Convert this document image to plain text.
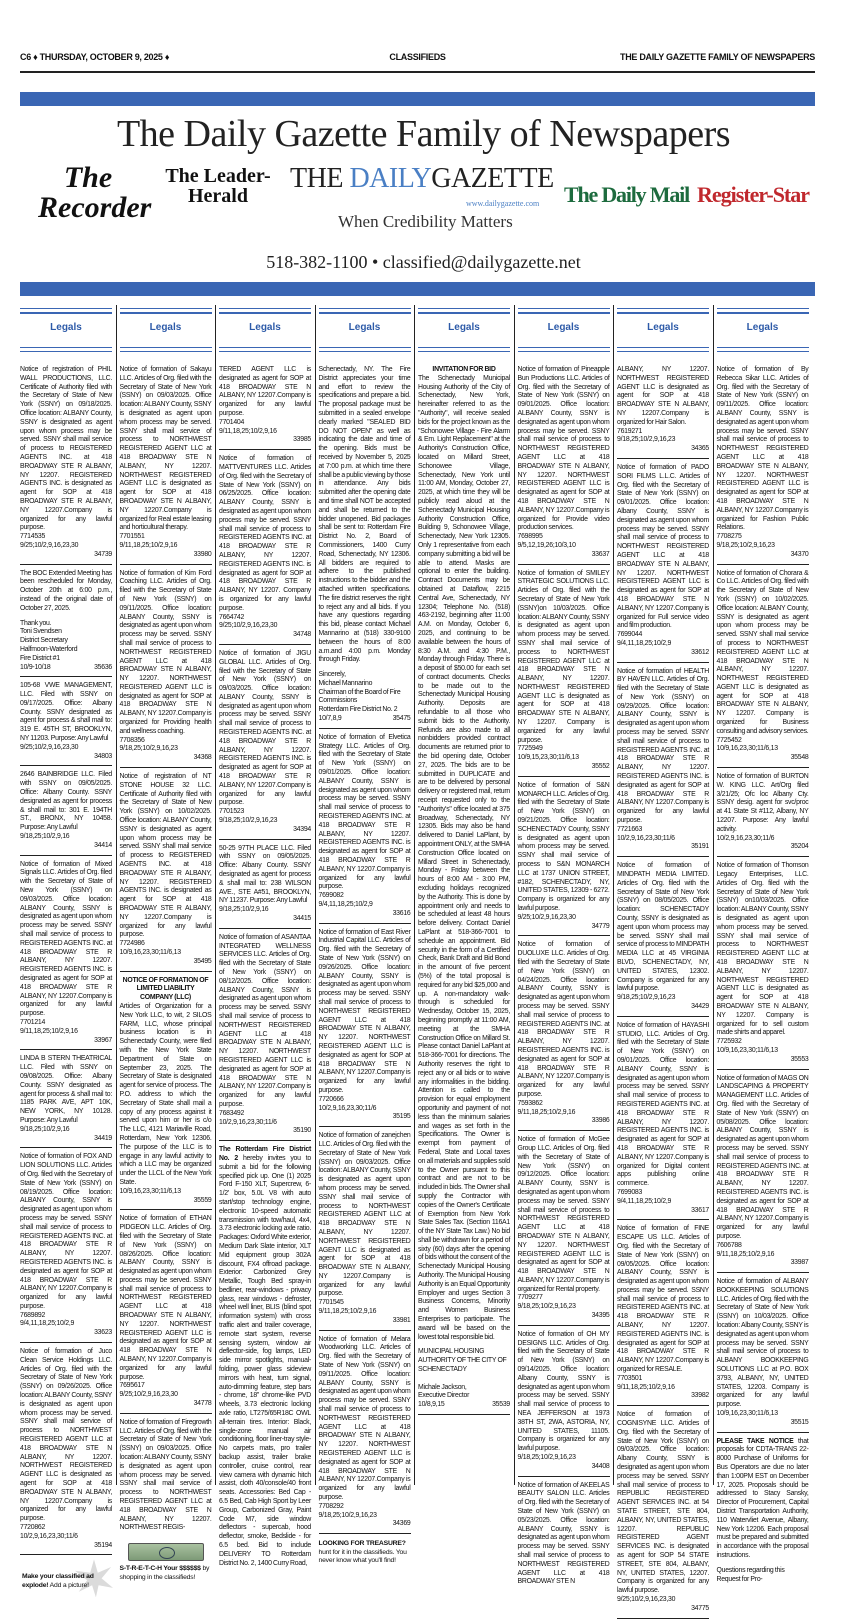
C6 ♦ THURSDAY, OCTOBER 9, 2025 ♦	CLASSIFIEDS	THE DAILY GAZETTE FAMILY OF NEWSPAPERS
The Daily Gazette Family of Newspapers
The Recorder
The Leader-Herald
THE DAILYGAZETTE
www.dailygazette.com
When Credibility Matters
The Daily Mail Register-Star
518-382-1100 • classified@dailygazette.net
Legals
Notice of registration of PHIL WALL PRODUCTIONS, LLC. Certificate of Authority filed with the Secretary of State of New York (SSNY) on 09/18/2025. Office location: ALBANY County, SSNY is designated as agent upon whom process may be served. SSNY shall mail service of process to REGISTERED AGENTS INC. at 418 BROADWAY STE R ALBANY, NY 12207. REGISTERED AGENTS INC. is designated as agent for SOP at 418 BROADWAY STE R ALBANY, NY 12207.Company is organized for any lawful purpose.
7714535
9/25;10/2,9,16,23,30
34739
The BOC Extended Meeting has been rescheduled for Monday, October 20th at 6:00 p.m., instead of the original date of October 27, 2025.
Thank you.
Toni Svendsen
District Secretary
Halfmoon-Waterford
Fire District #1
10/9-10/18	35636
105-68 VWE MANAGEMENT, LLC. Filed with SSNY on 09/17/2025. Office: Albany County. SSNY designated as agent for process & shall mail to: 319 E. 45TH ST, BROOKLYN, NY 11203. Purpose: Any Lawful
9/25;10/2,9,16,23,30
34803
2646 BAINBRIDGE LLC. Filed with SSNY on 09/05/2025. Office: Albany County. SSNY designated as agent for process & shall mail to: 301 E. 194TH ST., BRONX, NY 10458. Purpose: Any Lawful
9/18,25;10/2,9,16
34414
Notice of formation of Mixed Signals LLC. Articles of Org. filed with the Secretary of State of New York (SSNY) on 09/03/2025. Office location: ALBANY County, SSNY is designated as agent upon whom process may be served. SSNY shall mail service of process to REGISTERED AGENTS INC. at 418 BROADWAY STE R ALBANY, NY 12207. REGISTERED AGENTS INC. is designated as agent for SOP at 418 BROADWAY STE R ALBANY, NY 12207.Company is organized for any lawful purpose.
7701214
9/11,18,25;10/2,9,16
33967
LINDA B STERN THEATRICAL LLC. Filed with SSNY on 09/08/2025. Office: Albany County. SSNY designated as agent for process & shall mail to: 1185 PARK AVE, APT 10K, NEW YORK, NY 10128. Purpose: Any Lawful
9/18,25;10/2,9,16
34419
Notice of formation of FOX AND LION SOLUTIONS LLC. Articles of Org. filed with the Secretary of State of New York (SSNY) on 08/19/2025. Office location: ALBANY County, SSNY is designated as agent upon whom process may be served. SSNY shall mail service of process to REGISTERED AGENTS INC. at 418 BROADWAY STE R ALBANY, NY 12207. REGISTERED AGENTS INC. is designated as agent for SOP at 418 BROADWAY STE R ALBANY, NY 12207.Company is organized for any lawful purpose.
7689892
9/4,11,18,25;10/2,9
33623
Notice of formation of Juco Clean Service Holdings LLC. Articles of Org. filed with the Secretary of State of New York (SSNY) on 09/26/2025. Office location: ALBANY County, SSNY is designated as agent upon whom process may be served. SSNY shall mail service of process to NORTHWEST REGISTERED AGENT LLC at 418 BROADWAY STE N ALBANY, NY 12207. NORTHWEST REGISTERED AGENT LLC is designated as agent for SOP at 418 BROADWAY STE N ALBANY, NY 12207.Company is organized for any lawful purpose.
7720862
10/2,9,16,23,30;11/6
35194
Make your classified ad explode! Add a picture!
Legals
Notice of formation of Sakayu LLC. Articles of Org. filed with the Secretary of State of New York (SSNY) on 09/03/2025. Office location: ALBANY County, SSNY is designated as agent upon whom process may be served. SSNY shall mail service of process to NORTHWEST REGISTERED AGENT LLC at 418 BROADWAY STE N ALBANY, NY 12207. NORTHWEST REGISTERED AGENT LLC is designated as agent for SOP at 418 BROADWAY STE N ALBANY, NY 12207.Company is organized for Real estate leasing and horticultural therapy.
7701551
9/11,18,25;10/2,9,16
33980
Notice of formation of Kim Ford Coaching LLC. Articles of Org. filed with the Secretary of State of New York (SSNY) on 09/11/2025. Office location: ALBANY County, SSNY is designated as agent upon whom process may be served. SSNY shall mail service of process to NORTHWEST REGISTERED AGENT LLC at 418 BROADWAY STE N ALBANY, NY 12207. NORTHWEST REGISTERED AGENT LLC is designated as agent for SOP at 418 BROADWAY STE N ALBANY, NY 12207.Company is organized for Providing health and wellness coaching.
7708356
9/18,25;10/2,9,16,23
34368
Notice of registration of NT STONE HOUSE 32 LLC. Certificate of Authority filed with the Secretary of State of New York (SSNY) on 10/02/2025. Office location: ALBANY County, SSNY is designated as agent upon whom process may be served. SSNY shall mail service of process to REGISTERED AGENTS INC. at 418 BROADWAY STE R ALBANY, NY 12207. REGISTERED AGENTS INC. is designated as agent for SOP at 418 BROADWAY STE R ALBANY, NY 12207.Company is organized for any lawful purpose.
7724986
10/9,16,23,30;11/6,13
35495
NOTICE OF FORMATION OF LIMITED LIABILITY COMPANY (LLC)
Articles of Organization for a New York LLC, to wit, 2 SILOS FARM, LLC, whose principal business location is in Schenectady County, were filed with the New York State Department of State on September 23, 2025. The Secretary of State is designated agent for service of process. The P.O. address to which the Secretary of State shall mail a copy of any process against it served upon him or her is c/o The LLC, 4121 Mariaville Road, Rotterdam, New York 12306. The purpose of the LLC is to engage in any lawful activity to which a LLC may be organized under the LLCL of the New York State.
10/9,16,23,30;11/6,13
35559
Notice of formation of ETHAN PIDGEON LLC. Articles of Org. filed with the Secretary of State of New York (SSNY) on 08/26/2025. Office location: ALBANY County, SSNY is designated as agent upon whom process may be served. SSNY shall mail service of process to NORTHWEST REGISTERED AGENT LLC at 418 BROADWAY STE N ALBANY, NY 12207. NORTHWEST REGISTERED AGENT LLC is designated as agent for SOP at 418 BROADWAY STE N ALBANY, NY 12207.Company is organized for any lawful purpose.
7695617
9/25;10/2,9,16,23,30
34778
Notice of formation of Firegrowth LLC. Articles of Org. filed with the Secretary of State of New York (SSNY) on 09/03/2025. Office location: ALBANY County, SSNY is designated as agent upon whom process may be served. SSNY shall mail service of process to NORTHWEST REGISTERED AGENT LLC at 418 BROADWAY STE N ALBANY, NY 12207. NORTHWEST REGIS-
S-T-R-E-T-C-H Your $$$$$$ by shopping in the classifieds!
Legals
TERED AGENT LLC is designated as agent for SOP at 418 BROADWAY STE N ALBANY, NY 12207.Company is organized for any lawful purpose.
7701404
9/11,18,25;10/2,9,16
33985
Notice of formation of MATTVENTURES LLC. Articles of Org. filed with the Secretary of State of New York (SSNY) on 06/25/2025. Office location: ALBANY County, SSNY is designated as agent upon whom process may be served. SSNY shall mail service of process to REGISTERED AGENTS INC. at 418 BROADWAY STE R ALBANY, NY 12207. REGISTERED AGENTS INC. is designated as agent for SOP at 418 BROADWAY STE R ALBANY, NY 12207. Company is organized for any lawful purpose.
7664742
9/25;10/2,9,16,23,30
34748
Notice of formation of JIGU GLOBAL LLC. Articles of Org. filed with the Secretary of State of New York (SSNY) on 09/03/2025. Office location: ALBANY County, SSNY is designated as agent upon whom process may be served. SSNY shall mail service of process to REGISTERED AGENTS INC. at 418 BROADWAY STE R ALBANY, NY 12207. REGISTERED AGENTS INC. is designated as agent for SOP at 418 BROADWAY STE R ALBANY, NY 12207.Company is organized for any lawful purpose.
7701523
9/18,25;10/2,9,16,23
34394
50-25 97TH PLACE LLC. Filed with SSNY on 09/05/2025. Office: Albany County. SSNY designated as agent for process & shall mail to: 238 WILSON AVE., STE A#51, BROOKLYN, NY 11237. Purpose: Any Lawful
9/18,25;10/2,9,16
34415
Notice of formation of ASANTAA INTEGRATED WELLNESS SERVICES LLC. Articles of Org. filed with the Secretary of State of New York (SSNY) on 08/12/2025. Office location: ALBANY County, SSNY is designated as agent upon whom process may be served. SSNY shall mail service of process to NORTHWEST REGISTERED AGENT LLC at 418 BROADWAY STE N ALBANY, NY 12207. NORTHWEST REGISTERED AGENT LLC is designated as agent for SOP at 418 BROADWAY STE N ALBANY, NY 12207.Company is organized for any lawful purpose.
7683492
10/2,9,16,23,30;11/6
35190
The Rotterdam Fire District No. 2 hereby invites you to submit a bid for the following specified pick up. One (1) 2025 Ford F-150 XLT, Supercrew, 6-1/2' box, 5.0L V8 with auto start/stop technology engine, electronic 10-speed automatic transmission with tow/haul, 4x4, 3.73 electronic locking axle ratio. Packages: Oxford White exterior, Medium Dark Slate interior, XLT Mid equipment group 302A discount, FX4 offroad package. Exterior: Carbonized Grey Metallic, Tough Bed spray-in bedliner, rear-windows - privacy glass, rear windows - defroster, wheel well liner, BLIS (blind spot information system) with cross traffic alert and trailer coverage, remote start system, reverse sensing system, window air deflector-side, fog lamps, LED side mirror spotlights, manual-folding, power glass sideview mirrors with heat, turn signal, auto-dimming feature, step bars - chrome, 18" chrome-like PVD wheels, 3.73 electronic locking axle ratio, LT275/65R18C OWL all-terrain tires. Interior: Black, single-zone manual air conditioning, floor liner-tray style-No carpets mats, pro trailer backup assist, trailer brake controller, cruise control, rear view camera with dynamic hitch assist, cloth 40/console/40 front seats. Accessories: Bed Cap - 6.5 Bed, Cab High Sport by Leer Group, Carbonized Gray, Paint Code M7, side window deflectors - supercab, hood deflector, smoke, Bedslide - for 6.5 bed. Bid to include DELIVERY TO Rotterdam District No. 2, 1400 Curry Road,
Legals
Schenectady, NY. The Fire District appreciates your time and effort to review the specifications and prepare a bid. The proposal package must be submitted in a sealed envelope clearly marked "SEALED BID DO NOT OPEN" as well as indicating the date and time of the opening. Bids must be received by November 5, 2025 at 7:00 p.m. at which time there shall be a public viewing by those in attendance. Any bids submitted after the opening date and time shall NOT be accepted and shall be returned to the bidder unopened. Bid packages shall be sent to: Rotterdam Fire District No. 2, Board of Commissioners, 1400 Curry Road, Schenectady, NY 12306. All bidders are required to adhere to the published instructions to the bidder and the attached written specifications. The fire district reserves the right to reject any and all bids. If you have any questions regarding this bid, please contact Michael Mannarino at (518) 330-9100 between the hours of 8:00 a.m.and 4:00 p.m. Monday through Friday.
Sincerely,
Michael Mannarino
Chairman of the Board of Fire Commissions
Rotterdam Fire District No. 2
10/7,8,9	35475
Notice of formation of Elvetica Strategy LLC. Articles of Org. filed with the Secretary of State of New York (SSNY) on 09/01/2025. Office location: ALBANY County, SSNY is designated as agent upon whom process may be served. SSNY shall mail service of process to REGISTERED AGENTS INC. at 418 BROADWAY STE R ALBANY, NY 12207. REGISTERED AGENTS INC. is designated as agent for SOP at 418 BROADWAY STE R ALBANY, NY 12207.Company is organized for any lawful purpose.
7699082
9/4,11,18,25;10/2,9
33616
Notice of formation of East River Industrial Capital LLC. Articles of Org. filed with the Secretary of State of New York (SSNY) on 09/26/2025. Office location: ALBANY County, SSNY is designated as agent upon whom process may be served. SSNY shall mail service of process to NORTHWEST REGISTERED AGENT LLC at 418 BROADWAY STE N ALBANY, NY 12207. NORTHWEST REGISTERED AGENT LLC is designated as agent for SOP at 418 BROADWAY STE N ALBANY, NY 12207.Company is organized for any lawful purpose.
7720666
10/2,9,16,23,30;11/6
35195
Notice of formation of zanejchen LLC. Articles of Org. filed with the Secretary of State of New York (SSNY) on 09/03/2025. Office location: ALBANY County, SSNY is designated as agent upon whom process may be served. SSNY shall mail service of process to NORTHWEST REGISTERED AGENT LLC at 418 BROADWAY STE N ALBANY, NY 12207. NORTHWEST REGISTERED AGENT LLC is designated as agent for SOP at 418 BROADWAY STE N ALBANY, NY 12207.Company is organized for any lawful purpose.
7701545
9/11,18,25;10/2,9,16
33981
Notice of formation of Melara Woodworking LLC. Articles of Org. filed with the Secretary of State of New York (SSNY) on 09/11/2025. Office location: ALBANY County, SSNY is designated as agent upon whom process may be served. SSNY shall mail service of process to NORTHWEST REGISTERED AGENT LLC at 418 BROADWAY STE N ALBANY, NY 12207. NORTHWEST REGISTERED AGENT LLC is designated as agent for SOP at 418 BROADWAY STE N ALBANY, NY 12207.Company is organized for any lawful purpose.
7708292
9/18,25;10/2,9,16,23
34369
LOOKING FOR TREASURE? hunt for it in the classifieds. You never know what you'll find!
Legals
INVITATION FOR BID
The Schenectady Municipal Housing Authority of the City of Schenectady, New York, hereinafter referred to as the "Authority", will receive sealed bids for the project known as the "Schonowee Village - Fire Alarm & Em. Light Replacement" at the Authority's Construction Office, located on Millard Street, Schonowee Village, Schenectady, New York until 11:00 AM, Monday, October 27, 2025, at which time they will be publicly read aloud at the Schenectady Municipal Housing Authority Construction Office, Building 9, Schonowee Village, Schenectady, New York 12305. Only 1 representative from each company submitting a bid will be able to attend. Masks are optional to enter the building. Contract Documents may be obtained at Dataflow, 2215 Central Ave, Schenectady, NY 12304; Telephone No. (518) 463-2192, beginning after 11:00 A.M. on Monday, October 6, 2025, and continuing to be available between the hours of 8:30 A.M. and 4:30 P.M., Monday through Friday. There is a deposit of $50.00 for each set of contract documents. Checks to be made out to the Schenectady Municipal Housing Authority. Deposits are refundable to all those who submit bids to the Authority. Refunds are also made to all nonbidders provided contract documents are returned prior to the bid opening date, October 27, 2025. The bids are to be submitted in DUPLICATE and are to be delivered by personal delivery or registered mail, return receipt requested only to the "Authority's" office located at 375 Broadway, Schenectady, NY 12305. Bids may also be hand delivered to Daniel LaPlant, by appointment ONLY, at the SMHA Construction Office located on Millard Street in Schenectady, Monday - Friday between the hours of 8:00 AM - 3:00 PM, excluding holidays recognized by the Authority. This is done by appointment only and needs to be scheduled at least 48 hours before delivery. Contact Daniel LaPlant at 518-366-7001 to schedule an appointment. Bid security in the form of a Certified Check, Bank Draft and Bid Bond in the amount of five percent (5%) of the total proposal is required for any bid $25,000 and up. A non-mandatory walk-through is scheduled for Wednesday, October 15, 2025, beginning promptly at 11:00 AM, meeting at the SMHA Construction Office on Millard St. Please contact Daniel LaPlant at 518-366-7001 for directions. The Authority reserves the right to reject any or all bids or to waive any informalities in the bidding. Attention is called to the provision for equal employment opportunity and payment of not less than the minimum salaries and wages as set forth in the Specifications. The Owner is exempt from payment of Federal, State and Local taxes on all materials and supplies sold to the Owner pursuant to this contract and are not to be included in bids. The Owner shall supply the Contractor with copies of the Owner's Certificate of Exemption from New York State Sales Tax. (Section 116A1 of the NY State Tax Law.) No bid shall be withdrawn for a period of sixty (60) days after the opening of bids without the consent of the Schenectady Municipal Housing Authority. The Municipal Housing Authority is an Equal Opportunity Employer and urges Section 3 Business Concerns, Minority and Women Business Enterprises to participate. The award will be based on the lowest total responsible bid.
MUNICIPAL HOUSING AUTHORITY OF THE CITY OF SCHENECTADY

Michale Jackson,
Executive Director
10/8,9,15	35539
Legals
Notice of formation of Pineapple Bun Productions LLC. Articles of Org. filed with the Secretary of State of New York (SSNY) on 09/01/2025. Office location: ALBANY County, SSNY is designated as agent upon whom process may be served. SSNY shall mail service of process to NORTHWEST REGISTERED AGENT LLC at 418 BROADWAY STE N ALBANY, NY 12207. NORTHWEST REGISTERED AGENT LLC is designated as agent for SOP at 418 BROADWAY STE N ALBANY, NY 12207.Company is organized for Provide video production services.
7698995
9/5,12,19,26;10/3,10
33637
Notice of formation of SMILEY STRATEGIC SOLUTIONS LLC. Articles of Org. filed with the Secretary of State of New York (SSNY)on 10/03/2025. Office location: ALBANY County, SSNY is designated as agent upon whom process may be served. SSNY shall mail service of process to NORTHWEST REGISTERED AGENT LLC at 418 BROADWAY STE N ALBANY, NY 12207. NORTHWEST REGISTERED AGENT LLC is designated as agent for SOP at 418 BROADWAY STE N ALBANY, NY 12207. Company is organized for any lawful purpose.
7725949
10/9,15,23,30;11/6,13
35552
Notice of formation of S&N MONARCH LLC. Articles of Org. filed with the Secretary of State of New York (SSNY) on 09/21/2025. Office location: SCHENECTADY County, SSNY is designated as agent upon whom process may be served. SSNY shall mail service of process to S&N MONARCH LLC at 1737 UNION STREET, #182, SCHENECTADY, NY, UNITED STATES, 12309 - 6272. Company is organized for any lawful purpose.
9/25;10/2,9,16,23,30
34779
Notice of formation of DUOLUXE LLC. Articles of Org. filed with the Secretary of State of New York (SSNY) on 04/24/2025. Office location: ALBANY County, SSNY is designated as agent upon whom process may be served. SSNY shall mail service of process to REGISTERED AGENTS INC. at 418 BROADWAY STE R ALBANY, NY 12207. REGISTERED AGENTS INC. is designated as agent for SOP at 418 BROADWAY STE R ALBANY, NY 12207.Company is organized for any lawful purpose.
7593862
9/11,18,25;10/2,9,16
33986
Notice of formation of McGee Group LLC. Articles of Org. filed with the Secretary of State of New York (SSNY) on 09/12/2025. Office location: ALBANY County, SSNY is designated as agent upon whom process may be served. SSNY shall mail service of process to NORTHWEST REGISTERED AGENT LLC at 418 BROADWAY STE N ALBANY, NY 12207. NORTHWEST REGISTERED AGENT LLC is designated as agent for SOP at 418 BROADWAY STE N ALBANY, NY 12207.Company is organized for Rental property.
7709277
9/18,25;10/2,9,16,23
34395
Notice of formation of OH MY DESIGNS LLC. Articles of Org. filed with the Secretary of State of New York (SSNY) on 09/14/2025. Office location: Albany County, SSNY is designated as agent upon whom process may be served. SSNY shall mail service of process to NEA JEFFERSON at 1973 38TH ST, 2WA, ASTORIA, NY, UNITED STATES, 11105. Company is organized for any lawful purpose.
9/18,25;10/2,9,16,23
34408
Notice of formation of AKEELAS BEAUTY SALON LLC. Articles of Org. filed with the Secretary of State of New York (SSNY) on 05/23/2025. Office location: ALBANY County, SSNY is designated as agent upon whom process may be served. SSNY shall mail service of process to NORTHWEST REGISTERED AGENT LLC at 418 BROADWAY STE N
Legals
ALBANY, NY 12207. NORTHWEST REGISTERED AGENT LLC is designated as agent for SOP at 418 BROADWAY STE N ALBANY, NY 12207.Company is organized for Hair Salon.
7619271
9/18,25;10/2,9,16,23
34365
Notice of formation of PADO SORI FILMS L.L.C. Articles of Org. filed with the Secretary of State of New York (SSNY) on 09/01/2025. Office location: Albany County, SSNY is designated as agent upon whom process may be served. SSNY shall mail service of process to NORTHWEST REGISTERED AGENT LLC at 418 BROADWAY STE N ALBANY, NY 12207. NORTHWEST REGISTERED AGENT LLC is designated as agent for SOP at 418 BROADWAY STE N ALBANY, NY 12207.Company is organized for Full service video and film production.
7699044
9/4,11,18,25;10/2,9
33612
Notice of formation of HEALTH BY HAVEN LLC. Articles of Org. filed with the Secretary of State of New York (SSNY) on 09/29/2025. Office location: ALBANY County, SSNY is designated as agent upon whom process may be served. SSNY shall mail service of process to REGISTERED AGENTS INC. at 418 BROADWAY STE R ALBANY, NY 12207. REGISTERED AGENTS INC. is designated as agent for SOP at 418 BROADWAY STE R ALBANY, NY 12207.Company is organized for any lawful purpose.
7721663
10/2,9,16,23,30;11/6
35191
Notice of formation of MINDPATH MEDIA LIMITED. Articles of Org. filed with the Secretary of State of New York (SSNY) on 08/05/2025. Office location: SCHENECTADY County, SSNY is designated as agent upon whom process may be served. SSNY shall mail service of process to MINDPATH MEDIA LLC at 45 VIRGINIA BLVD, SCHENECTADY, NY, UNITED STATES, 12302. Company is organized for any lawful purpose.
9/18,25;10/2,9,16,23
34429
Notice of formation of HAYASHI STUDIO, LLC. Articles of Org. filed with the Secretary of State of New York (SSNY) on 09/01/2025. Office location: ALBANY County, SSNY is designated as agent upon whom process may be served. SSNY shall mail service of process to REGISTERED AGENTS INC. at 418 BROADWAY STE R ALBANY, NY 12207. REGISTERED AGENTS INC. is designated as agent for SOP at 418 BROADWAY STE R ALBANY, NY 12207.Company is organized for Digital content apps publishing online commerce.
7699083
9/4,11,18,25;10/2,9
33617
Notice of formation of FINE ESCAPE US LLC. Articles of Org. filed with the Secretary of State of New York (SSNY) on 09/05/2025. Office location: ALBANY County, SSNY is designated as agent upon whom process may be served. SSNY shall mail service of process to REGISTERED AGENTS INC. at 418 BROADWAY STE R ALBANY, NY 12207. REGISTERED AGENTS INC. is designated as agent for SOP at 418 BROADWAY STE R ALBANY, NY 12207.Company is organized for RESALE.
7703501
9/11,18,25;10/2,9,16
33982
Notice of formation of COGNISYNE LLC. Articles of Org. filed with the Secretary of State of New York (SSNY) on 09/03/2025. Office location: Albany County, SSNY is designated as agent upon whom process may be served. SSNY shall mail service of process to REPUBLIC REGISTERED AGENT SERVICES INC. at 54 STATE STREET, STE 804, ALBANY, NY, UNITED STATES, 12207. REPUBLIC REGISTERED AGENT SERVICES INC. is designated as agent for SOP 54 STATE STREET, STE 804, ALBANY, NY, UNITED STATES, 12207. Company is organized for any lawful purpose.
9/25;10/2,9,16,23,30
34775
Legals
Notice of formation of By Rebecca Sikar LLC. Articles of Org. filed with the Secretary of State of New York (SSNY) on 09/11/2025. Office location: ALBANY County, SSNY is designated as agent upon whom process may be served. SSNY shall mail service of process to NORTHWEST REGISTERED AGENT LLC at 418 BROADWAY STE N ALBANY, NY 12207. NORTHWEST REGISTERED AGENT LLC is designated as agent for SOP at 418 BROADWAY STE N ALBANY, NY 12207.Company is organized for Fashion Public Relations.
7708275
9/18,25;10/2,9,16,23
34370
Notice of formation of Chorara & Co LLC. Articles of Org. filed with the Secretary of State of New York (SSNY) on 10/02/2025. Office location: ALBANY County, SSNY is designated as agent upon whom process may be served. SSNY shall mail service of process to NORTHWEST REGISTERED AGENT LLC at 418 BROADWAY STE N ALBANY, NY 12207. NORTHWEST REGISTERED AGENT LLC is designated as agent for SOP at 418 BROADWAY STE N ALBANY, NY 12207. Company is organized for Business consulting and advisory services.
7725452
10/9,16,23,30;11/6,13
35548
Notice of formation of BURTON W. KING LLC. Art/Org filed 3/21/25; Ofc loc Albany Cty. SSNY desig. agent for svc/proc at 41 State St #112, Albany, NY 12207. Purpose: Any lawful activity.
10/2,9,16,23,30;11/6
35204
Notice of formation of Thomson Legacy Enterprises, LLC. Articles of Org. filed with the Secretary of State of New York (SSNY) on10/03/2025. Office location: ALBANY County, SSNY is designated as agent upon whom process may be served. SSNY shall mail service of process to NORTHWEST REGISTERED AGENT LLC at 418 BROADWAY STE N ALBANY, NY 12207. NORTHWEST REGISTERED AGENT LLC is designated as agent for SOP at 418 BROADWAY STE N ALBANY, NY 12207. Company is organized for to sell custom made shirts and apparel.
7725932
10/9,16,23,30;11/6,13
35553
Notice of formation of MAGS ON LANDSCAPING & PROPERTY MANAGEMENT LLC. Articles of Org. filed with the Secretary of State of New York (SSNY) on 05/08/2025. Office location: ALBANY County, SSNY is designated as agent upon whom process may be served. SSNY shall mail service of process to REGISTERED AGENTS INC. at 418 BROADWAY STE R ALBANY, NY 12207. REGISTERED AGENTS INC. is designated as agent for SOP at 418 BROADWAY STE R ALBANY, NY 12207.Company is organized for any lawful purpose.
7606788
9/11,18,25;10/2,9,16
33987
Notice of formation of ALBANY BOOKKEEPING SOLUTIONS LLC. Articles of Org. filed with the Secretary of State of New York (SSNY) on 10/03/2025. Office location: Albany County, SSNY is designated as agent upon whom process may be served. SSNY shall mail service of process to ALBANY BOOKKEEPING SOLUTIONS LLC at P.O. BOX 3793, ALBANY, NY, UNITED STATES, 12203. Company is organized for any lawful purpose.
10/9,16,23,30;11/6,13
35515
PLEASE TAKE NOTICE that proposals for CDTA-TRANS 22-8000 Purchase of Uniforms for Bus Operators are due no later than 1:00PM EST on December 17, 2025. Proposals should be addressed to Stacy Sansky, Director of Procurement, Capital District Transportation Authority, 110 Watervliet Avenue, Albany, New York 12206. Each proposal must be prepared and submitted in accordance with the proposal instructions.
Questions regarding this Request for Pro-
